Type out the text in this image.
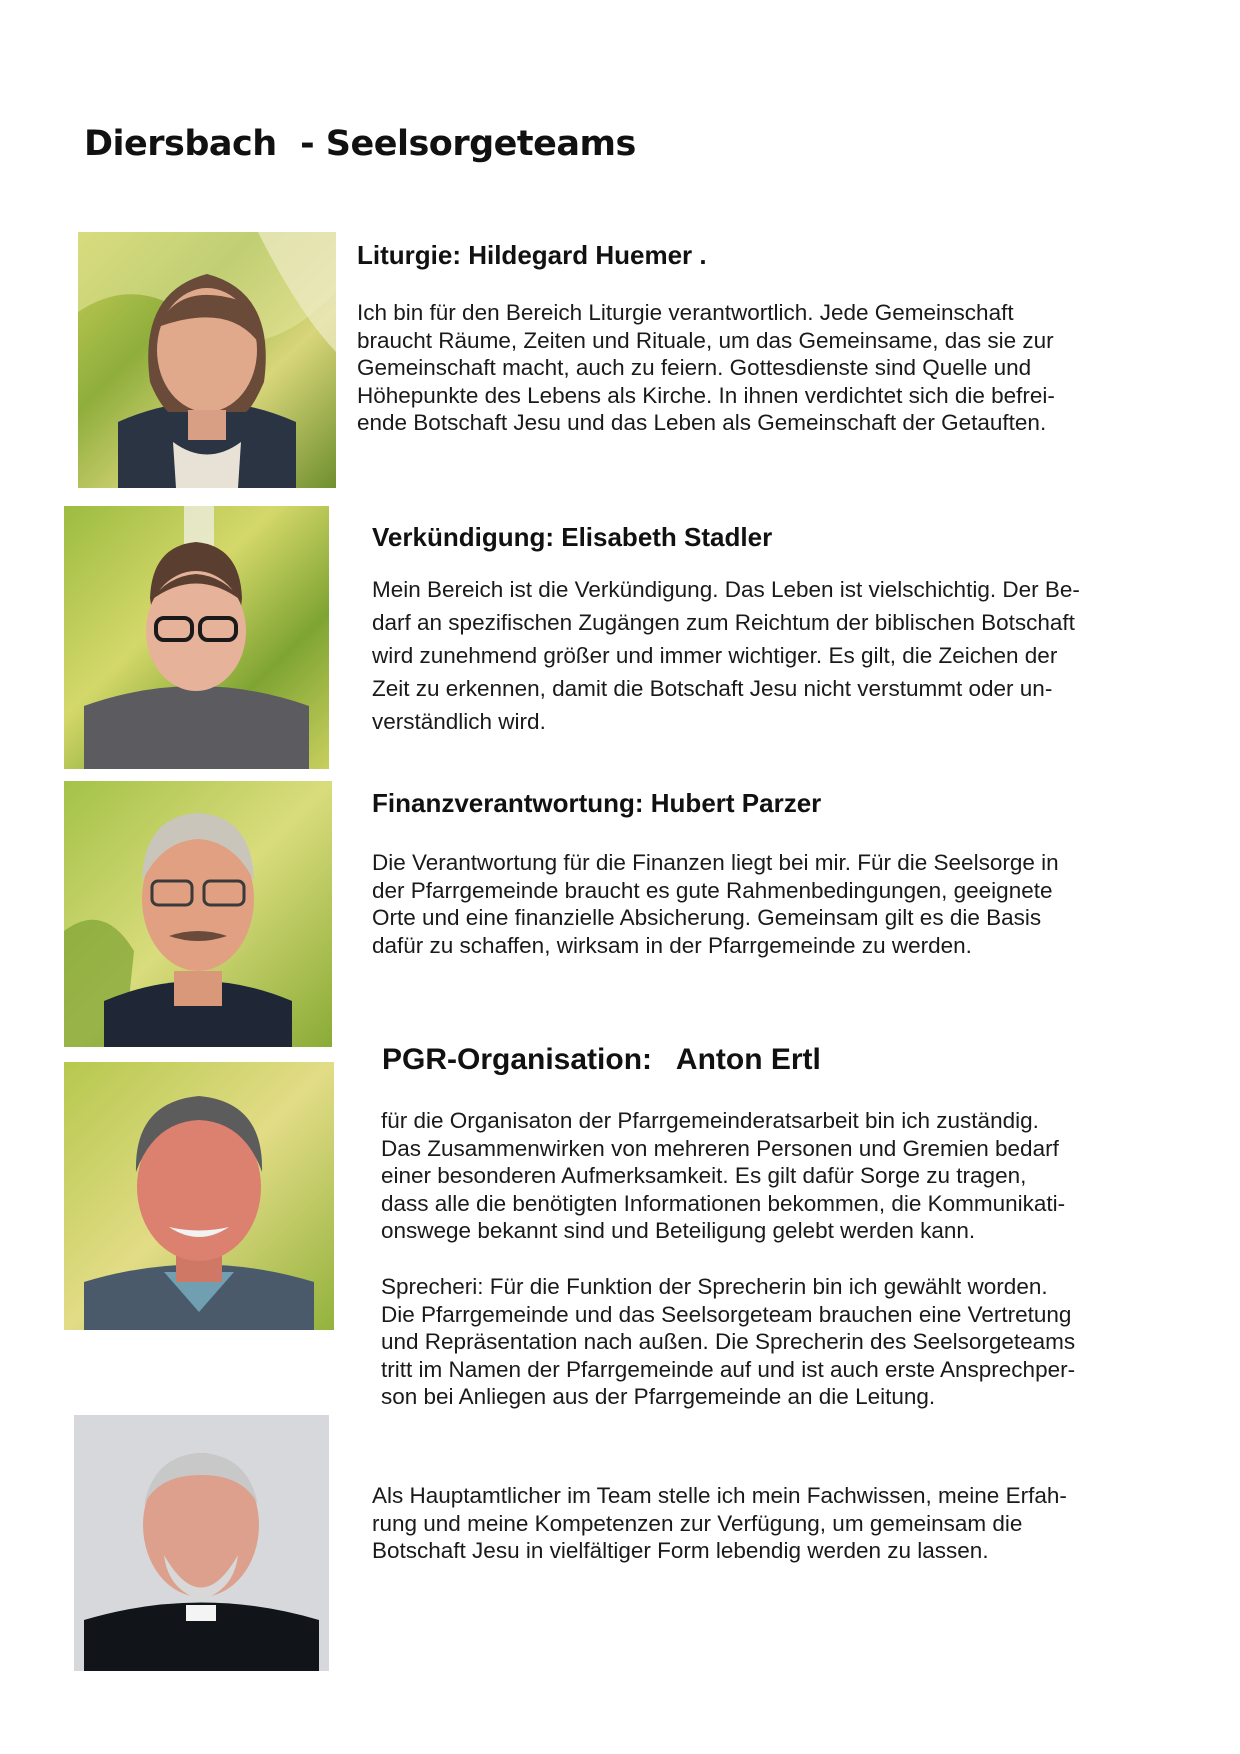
Diersbach  - Seelsorgeteams
Liturgie: Hildegard Huemer .
Ich bin für den Bereich Liturgie verantwortlich. Jede Gemeinschaft
braucht Räume, Zeiten und Rituale, um das Gemeinsame, das sie zur
Gemeinschaft macht, auch zu feiern. Gottesdienste sind Quelle und
Höhepunkte des Lebens als Kirche. In ihnen verdichtet sich die befrei-
ende Botschaft Jesu und das Leben als Gemeinschaft der Getauften.
Verkündigung: Elisabeth Stadler
Mein Bereich ist die Verkündigung. Das Leben ist vielschichtig. Der Be-
darf an spezifischen Zugängen zum Reichtum der biblischen Botschaft
wird zunehmend größer und immer wichtiger. Es gilt, die Zeichen der
Zeit zu erkennen, damit die Botschaft Jesu nicht verstummt oder un-
verständlich wird.
Finanzverantwortung: Hubert Parzer
Die Verantwortung für die Finanzen liegt bei mir. Für die Seelsorge in
der Pfarrgemeinde braucht es gute Rahmenbedingungen, geeignete
Orte und eine finanzielle Absicherung. Gemeinsam gilt es die Basis
dafür zu schaffen, wirksam in der Pfarrgemeinde zu werden.
PGR-Organisation:   Anton Ertl
für die Organisaton der Pfarrgemeinderatsarbeit bin ich zuständig.
Das Zusammenwirken von mehreren Personen und Gremien bedarf
einer besonderen Aufmerksamkeit. Es gilt dafür Sorge zu tragen,
dass alle die benötigten Informationen bekommen, die Kommunikati-
onswege bekannt sind und Beteiligung gelebt werden kann.
Sprecheri: Für die Funktion der Sprecherin bin ich gewählt worden.
Die Pfarrgemeinde und das Seelsorgeteam brauchen eine Vertretung
und Repräsentation nach außen. Die Sprecherin des Seelsorgeteams
tritt im Namen der Pfarrgemeinde auf und ist auch erste Ansprechper-
son bei Anliegen aus der Pfarrgemeinde an die Leitung.
Als Hauptamtlicher im Team stelle ich mein Fachwissen, meine Erfah-
rung und meine Kompetenzen zur Verfügung, um gemeinsam die
Botschaft Jesu in vielfältiger Form lebendig werden zu lassen.
